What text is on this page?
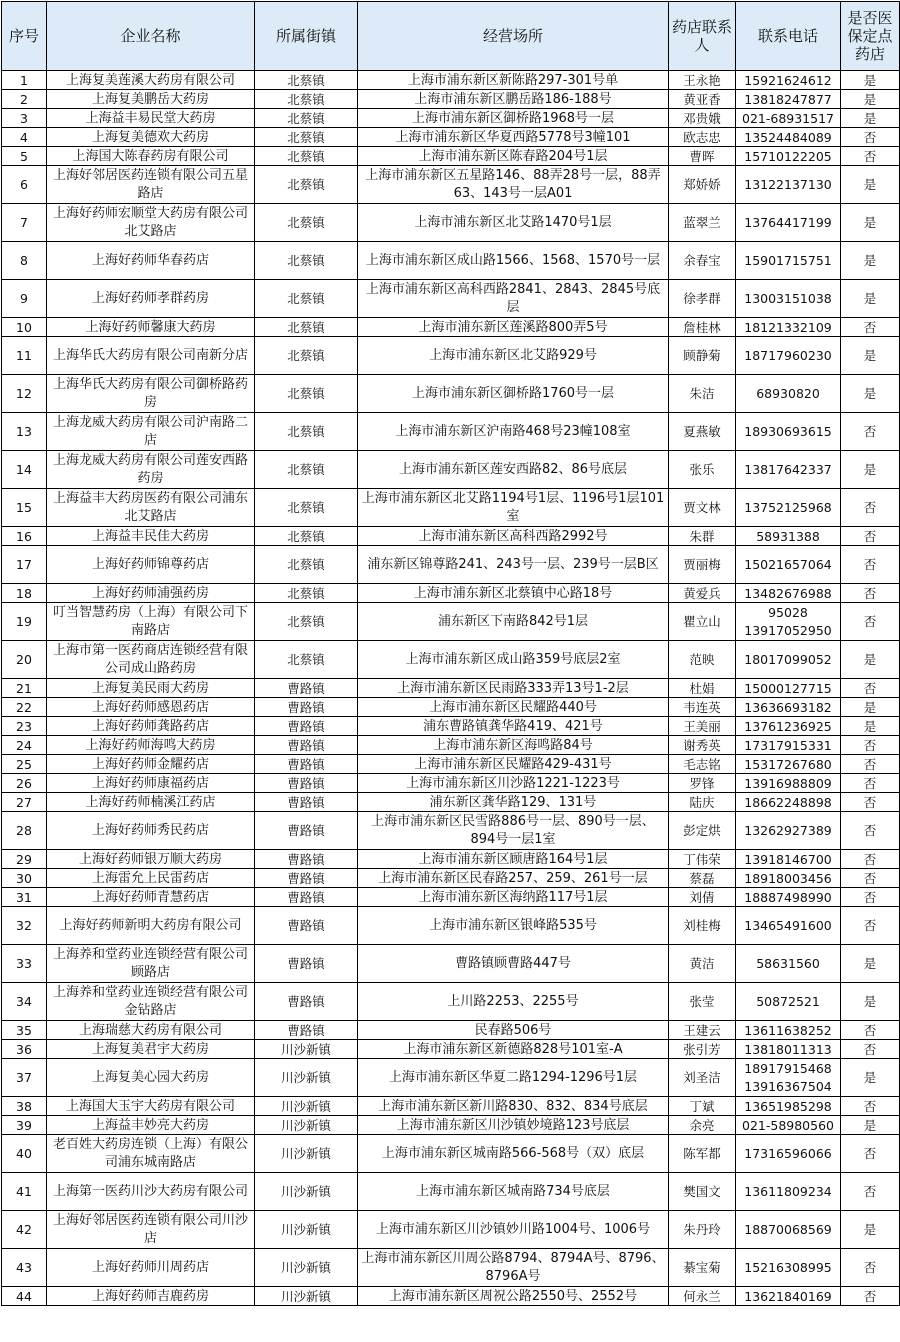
序号	企业名称	所属街镇	经营场所	药店联系人	联系电话	是否医保定点药店
1	上海复美莲溪大药房有限公司	北蔡镇	上海市浦东新区新陈路297-301号单	王永艳	15921624612	是
2	上海复美鹏岳大药房	北蔡镇	上海市浦东新区鹏岳路186-188号	黄亚香	13818247877	是
3	上海益丰易民堂大药房	北蔡镇	上海市浦东新区御桥路1968号一层	邓贵娥	021-68931517	是
4	上海复美德欢大药房	北蔡镇	上海市浦东新区华夏西路5778号3幢101	欧志忠	13524484089	否
5	上海国大陈春药房有限公司	北蔡镇	上海市浦东新区陈春路204号1层	曹晖	15710122205	否
6	上海好邻居医药连锁有限公司五星路店	北蔡镇	上海市浦东新区五星路146、88弄28号一层，88弄63、143号一层A01	郑娇娇	13122137130	是
7	上海好药师宏顺堂大药房有限公司北艾路店	北蔡镇	上海市浦东新区北艾路1470号1层	蓝翠兰	13764417199	是
8	上海好药师华春药店	北蔡镇	上海市浦东新区成山路1566、1568、1570号一层	余春宝	15901715751	是
9	上海好药师孝群药房	北蔡镇	上海市浦东新区高科西路2841、2843、2845号底层	徐孝群	13003151038	是
10	上海好药师馨康大药房	北蔡镇	上海市浦东新区莲溪路800弄5号	詹桂林	18121332109	否
11	上海华氏大药房有限公司南新分店	北蔡镇	上海市浦东新区北艾路929号	顾静菊	18717960230	是
12	上海华氏大药房有限公司御桥路药房	北蔡镇	上海市浦东新区御桥路1760号一层	朱洁	68930820	是
13	上海龙威大药房有限公司沪南路二店	北蔡镇	上海市浦东新区沪南路468号23幢108室	夏燕敏	18930693615	否
14	上海龙威大药房有限公司莲安西路药房	北蔡镇	上海市浦东新区莲安西路82、86号底层	张乐	13817642337	是
15	上海益丰大药房医药有限公司浦东北艾路店	北蔡镇	上海市浦东新区北艾路1194号1层、1196号1层101室	贾文林	13752125968	否
16	上海益丰民佳大药房	北蔡镇	上海市浦东新区高科西路2992号	朱群	58931388	否
17	上海好药师锦尊药店	北蔡镇	浦东新区锦尊路241、243号一层、239号一层B区	贾丽梅	15021657064	否
18	上海好药师浦强药房	北蔡镇	上海市浦东新区北蔡镇中心路18号	黄爱兵	13482676988	否
19	叮当智慧药房（上海）有限公司下南路店	北蔡镇	浦东新区下南路842号1层	瞿立山	95028 13917052950	否
20	上海市第一医药商店连锁经营有限公司成山路药房	北蔡镇	上海市浦东新区成山路359号底层2室	范映	18017099052	是
21	上海复美民雨大药房	曹路镇	上海市浦东新区民雨路333弄13号1-2层	杜娟	15000127715	否
22	上海好药师感恩药店	曹路镇	上海市浦东新区民耀路440号	韦连英	13636693182	是
23	上海好药师龚路药店	曹路镇	浦东曹路镇龚华路419、421号	王美丽	13761236925	是
24	上海好药师海鸣大药房	曹路镇	上海市浦东新区海鸣路84号	谢秀英	17317915331	否
25	上海好药师金耀药店	曹路镇	上海市浦东新区民耀路429-431号	毛志铭	15317267680	否
26	上海好药师康福药店	曹路镇	上海市浦东新区川沙路1221-1223号	罗锋	13916988809	否
27	上海好药师楠溪江药店	曹路镇	浦东新区龚华路129、131号	陆庆	18662248898	否
28	上海好药师秀民药店	曹路镇	上海市浦东新区民雪路886号一层、890号一层、894号一层1室	彭定烘	13262927389	否
29	上海好药师银万顺大药房	曹路镇	上海市浦东新区顾唐路164号1层	丁伟荣	13918146700	否
30	上海雷允上民雷药店	曹路镇	上海市浦东新区民春路257、259、261号一层	蔡磊	18918003456	否
31	上海好药师青慧药店	曹路镇	上海市浦东新区海纳路117号1层	刘倩	18887498990	否
32	上海好药师新明大药房有限公司	曹路镇	上海市浦东新区银峰路535号	刘桂梅	13465491600	否
33	上海养和堂药业连锁经营有限公司顾路店	曹路镇	曹路镇顾曹路447号	黄洁	58631560	是
34	上海养和堂药业连锁经营有限公司金钻路店	曹路镇	上川路2253、2255号	张莹	50872521	是
35	上海瑞慈大药房有限公司	曹路镇	民春路506号	王建云	13611638252	否
36	上海复美君宇大药房	川沙新镇	上海市浦东新区新德路828号101室-A	张引芳	13818011313	否
37	上海复美心园大药房	川沙新镇	上海市浦东新区华夏二路1294-1296号1层	刘圣洁	18917915468 13916367504	是
38	上海国大玉宇大药房有限公司	川沙新镇	上海市浦东新区新川路830、832、834号底层	丁斌	13651985298	否
39	上海益丰妙亮大药房	川沙新镇	上海市浦东新区川沙镇妙境路123号底层	余亮	021-58980560	是
40	老百姓大药房连锁（上海）有限公司浦东城南路店	川沙新镇	上海市浦东新区城南路566-568号（双）底层	陈军都	17316596066	否
41	上海第一医药川沙大药房有限公司	川沙新镇	上海市浦东新区城南路734号底层	樊国文	13611809234	否
42	上海好邻居医药连锁有限公司川沙店	川沙新镇	上海市浦东新区川沙镇妙川路1004号、1006号	朱丹玲	18870068569	是
43	上海好药师川周药店	川沙新镇	上海市浦东新区川周公路8794、8794A号、8796、8796A号	綦宝菊	15216308995	否
44	上海好药师吉鹿药房	川沙新镇	上海市浦东新区周祝公路2550号、2552号	何永兰	13621840169	否
